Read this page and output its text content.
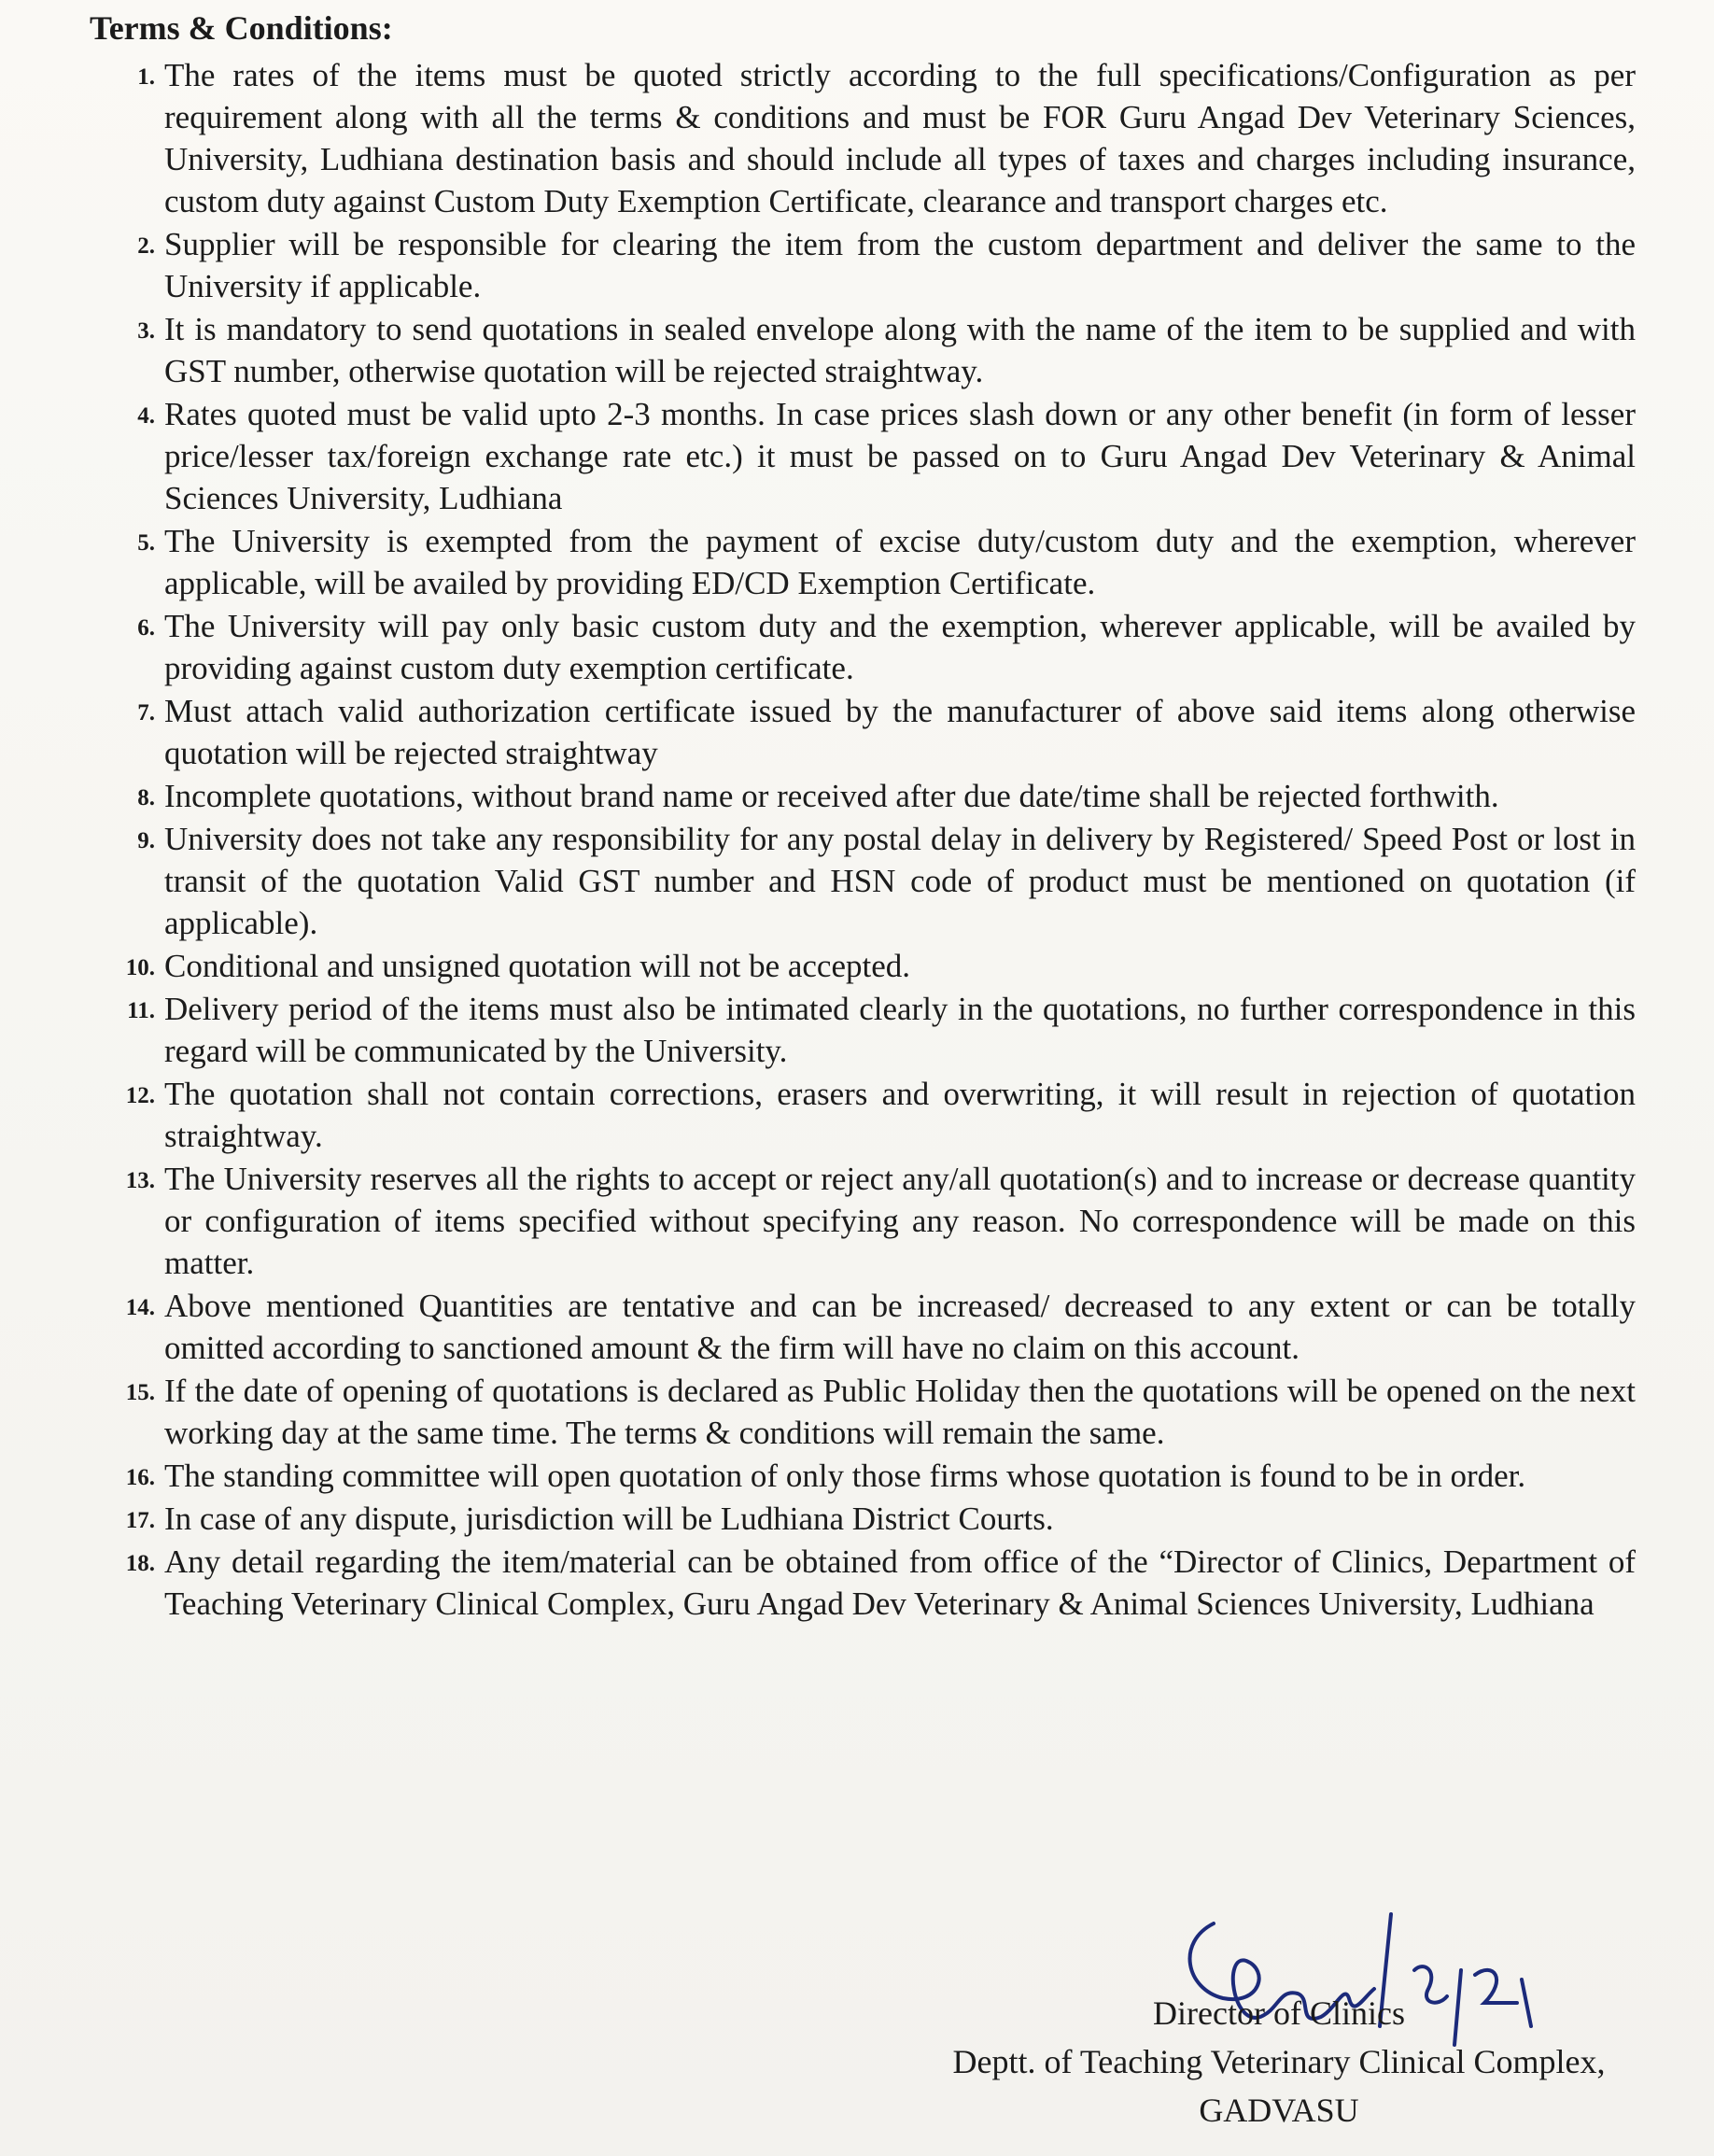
Terms & Conditions:
1. The rates of the items must be quoted strictly according to the full specifications/Configuration as per requirement along with all the terms & conditions and must be FOR Guru Angad Dev Veterinary Sciences, University, Ludhiana destination basis and should include all types of taxes and charges including insurance, custom duty against Custom Duty Exemption Certificate, clearance and transport charges etc.
2. Supplier will be responsible for clearing the item from the custom department and deliver the same to the University if applicable.
3. It is mandatory to send quotations in sealed envelope along with the name of the item to be supplied and with GST number, otherwise quotation will be rejected straightway.
4. Rates quoted must be valid upto 2-3 months. In case prices slash down or any other benefit (in form of lesser price/lesser tax/foreign exchange rate etc.) it must be passed on to Guru Angad Dev Veterinary & Animal Sciences University, Ludhiana
5. The University is exempted from the payment of excise duty/custom duty and the exemption, wherever applicable, will be availed by providing ED/CD Exemption Certificate.
6. The University will pay only basic custom duty and the exemption, wherever applicable, will be availed by providing against custom duty exemption certificate.
7. Must attach valid authorization certificate issued by the manufacturer of above said items along otherwise quotation will be rejected straightway
8. Incomplete quotations, without brand name or received after due date/time shall be rejected forthwith.
9. University does not take any responsibility for any postal delay in delivery by Registered/ Speed Post or lost in transit of the quotation Valid GST number and HSN code of product must be mentioned on quotation (if applicable).
10. Conditional and unsigned quotation will not be accepted.
11. Delivery period of the items must also be intimated clearly in the quotations, no further correspondence in this regard will be communicated by the University.
12. The quotation shall not contain corrections, erasers and overwriting, it will result in rejection of quotation straightway.
13. The University reserves all the rights to accept or reject any/all quotation(s) and to increase or decrease quantity or configuration of items specified without specifying any reason. No correspondence will be made on this matter.
14. Above mentioned Quantities are tentative and can be increased/ decreased to any extent or can be totally omitted according to sanctioned amount & the firm will have no claim on this account.
15. If the date of opening of quotations is declared as Public Holiday then the quotations will be opened on the next working day at the same time. The terms & conditions will remain the same.
16. The standing committee will open quotation of only those firms whose quotation is found to be in order.
17. In case of any dispute, jurisdiction will be Ludhiana District Courts.
18. Any detail regarding the item/material can be obtained from office of the “Director of Clinics, Department of Teaching Veterinary Clinical Complex, Guru Angad Dev Veterinary & Animal Sciences University, Ludhiana
Director of Clinics
Deptt. of Teaching Veterinary Clinical Complex,
GADVASU
